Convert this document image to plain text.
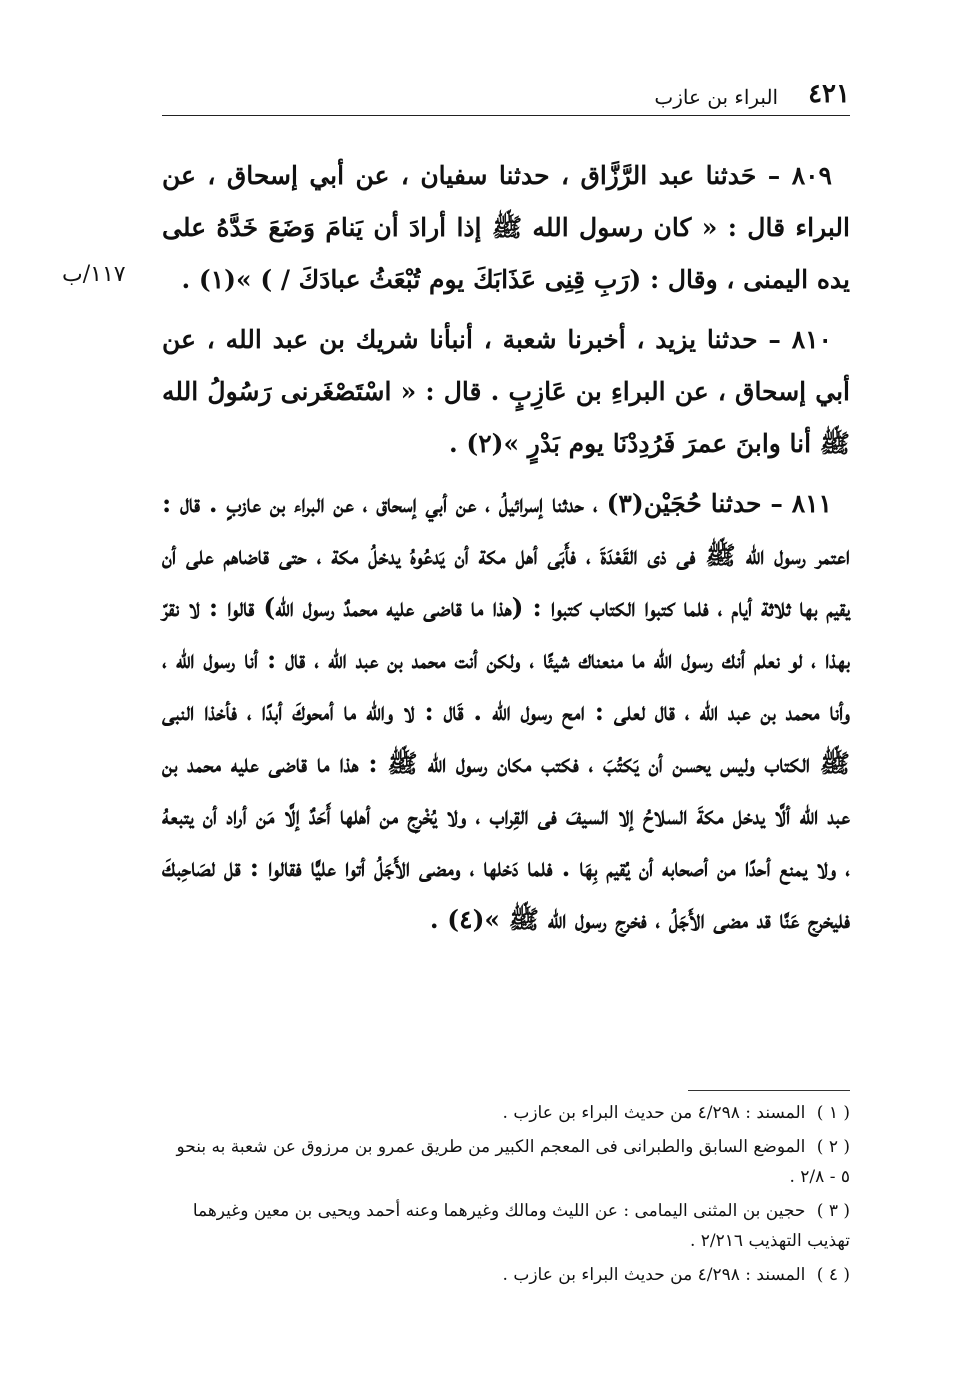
٤٢١
البراء بن عازب
١١٧/ب

٨٠٩ – حَدثنا عبد الرَّزَّاق ، حدثنا سفيان ، عن أبي إسحاق ، عن البراء قال : « كان رسول الله ﷺ إذا أرادَ أن يَنامَ وَضَعَ خَدَّهُ على يده اليمنى ، وقال : (رَبِ قِنِى عَذَابَكَ يوم تُبْعَثُ عبادَكَ / ) »(١) .

٨١٠ – حدثنا يزيد ، أخبرنا شعبة ، أنبأنا شريك بن عبد الله ، عن أبي إسحاق ، عن البراءِ بن عَازِبٍ . قال : « اسْتَصْغَرنى رَسُولُ الله ﷺ أنا وابنَ عمرَ فَرُدِدْنَا يوم بَدْرٍ »(٢) .

٨١١ – حدثنا حُجَيْن(٣) ، حدثنا إسرائيلُ ، عن أبي إسحاق ، عن البراء بن عازبٍ . قال : اعتمر رسول الله ﷺ فى ذى القَعْدَةَ ، فأَبَى أهل مكة أن يَدعُوهُ يدخلُ مكة ، حتى قاضاهم على أن يقيم بها ثلاثة أيام ، فلما كتبوا الكتاب كتبوا : (هذا ما قاضى عليه محمدٌ رسول الله) قالوا : لا نقرّ بهذا ، لو نعلم أنك رسول الله ما منعناك شيئًا ، ولكن أنت محمد بن عبد الله ، قال : أنا رسول الله ، وأنا محمد بن عبد الله ، قال لعلى : امح رسول الله . قَال : لا والله ما أمحوكَ أبدًا ، فأخذا النبى ﷺ الكتاب وليس يحسن أن يَكتُبَ ، فكتب مكان رسول الله ﷺ : هذا ما قاضى عليه محمد بن عبد الله ألَّا يدخل مكةَ السلاحُ إلا السيفَ فى القِراب ، ولا يُخْرِج من أهلها أَحَدٌ إلَّا مَن أراد أن يتبعهُ ، ولا يمنع أحدًا من أصحابه أن يُقيم بِهَا . فلما دَخلها ، ومضى الأَجَلُ أتوا عليًّا فقالوا : قل لصَاحِبكَ فليخرج عَنَّا قد مضى الأَجَلُ ، فخرج رسول الله ﷺ »(٤) .

( ١ ) المسند : ٤/٢٩٨ من حديث البراء بن عازب .

( ٢ ) الموضع السابق والطبرانى فى المعجم الكبير من طريق عمرو بن مرزوق عن شعبة به بنحو ٥ - ٢/٨ .

( ٣ ) حجين بن المثنى اليمامى : عن الليث ومالك وغيرهما وعنه أحمد ويحيى بن معين وغيرهما تهذيب التهذيب ٢/٢١٦ .

( ٤ ) المسند : ٤/٢٩٨ من حديث البراء بن عازب .
